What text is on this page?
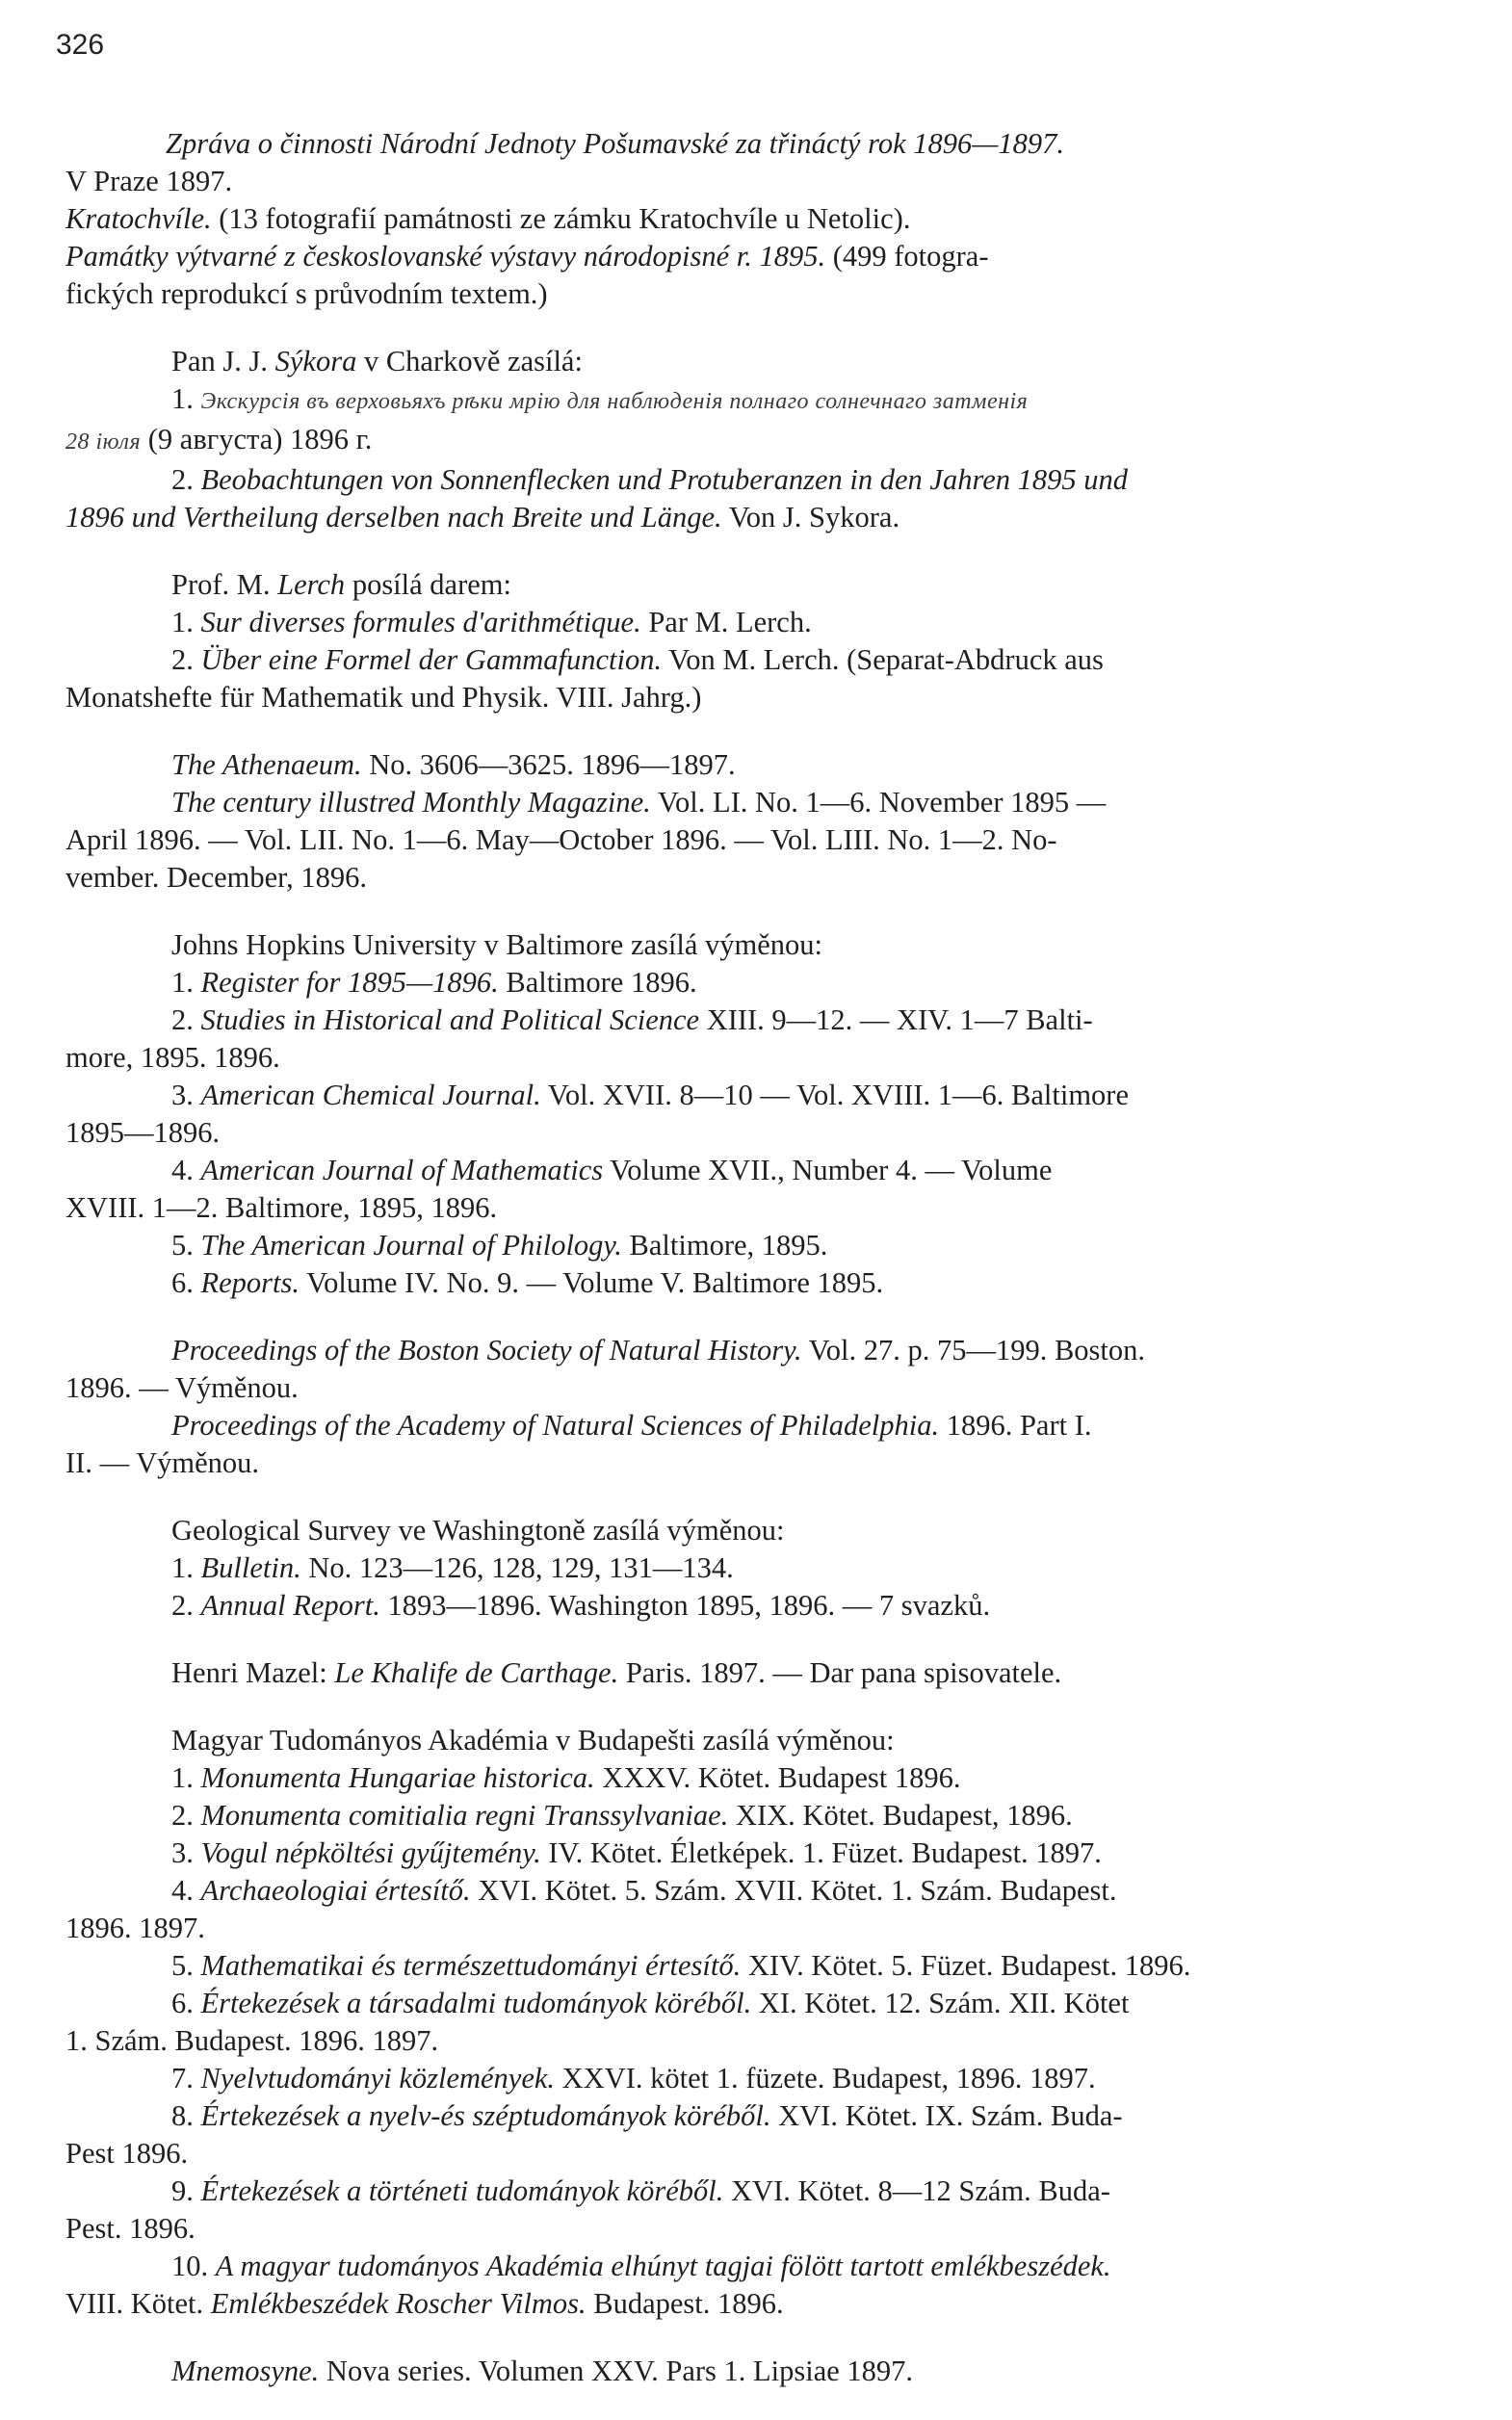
326
Zpráva o činnosti Národní Jednoty Pošumavské za třináctý rok 1896—1897.
V Praze 1897.
Kratochvíle. (13 fotografií památnosti ze zámku Kratochvíle u Netolic).
Památky výtvarné z českoslovanské výstavy národopisné r. 1895. (499 fotogra-
fických reprodukcí s průvodním textem.)
Pan J. J. Sýkora v Charkově zasílá:
1. Экскурсiя въ верховьяхъ рѣки мрiю для наблюденiя полнаго солнечнаго затменiя
28 iюля (9 августа) 1896 г.
2. Beobachtungen von Sonnenflecken und Protuberanzen in den Jahren 1895 und
1896 und Vertheilung derselben nach Breite und Länge. Von J. Sykora.
Prof. M. Lerch posílá darem:
1. Sur diverses formules d'arithmétique. Par M. Lerch.
2. Über eine Formel der Gammafunction. Von M. Lerch. (Separat-Abdruck aus
Monatshefte für Mathematik und Physik. VIII. Jahrg.)
The Athenaeum. No. 3606—3625. 1896—1897.
The century illustred Monthly Magazine. Vol. LI. No. 1—6. November 1895 —
April 1896. — Vol. LII. No. 1—6. May—October 1896. — Vol. LIII. No. 1—2. No-
vember. December, 1896.
Johns Hopkins University v Baltimore zasílá výměnou:
1. Register for 1895—1896. Baltimore 1896.
2. Studies in Historical and Political Science XIII. 9—12. — XIV. 1—7 Balti-
more, 1895. 1896.
3. American Chemical Journal. Vol. XVII. 8—10 — Vol. XVIII. 1—6. Baltimore
1895—1896.
4. American Journal of Mathematics Volume XVII., Number 4. — Volume
XVIII. 1—2. Baltimore, 1895, 1896.
5. The American Journal of Philology. Baltimore, 1895.
6. Reports. Volume IV. No. 9. — Volume V. Baltimore 1895.
Proceedings of the Boston Society of Natural History. Vol. 27. p. 75—199. Boston.
1896. — Výměnou.
Proceedings of the Academy of Natural Sciences of Philadelphia. 1896. Part I.
II. — Výměnou.
Geological Survey ve Washingtoně zasílá výměnou:
1. Bulletin. No. 123—126, 128, 129, 131—134.
2. Annual Report. 1893—1896. Washington 1895, 1896. — 7 svazků.
Henri Mazel: Le Khalife de Carthage. Paris. 1897. — Dar pana spisovatele.
Magyar Tudományos Akadémia v Budapešti zasílá výměnou:
1. Monumenta Hungariae historica. XXXV. Kötet. Budapest 1896.
2. Monumenta comitialia regni Transsylvaniae. XIX. Kötet. Budapest, 1896.
3. Vogul népköltési gyűjtemény. IV. Kötet. Életképek. 1. Füzet. Budapest. 1897.
4. Archaeologiai értesítő. XVI. Kötet. 5. Szám. XVII. Kötet. 1. Szám. Budapest.
1896. 1897.
5. Mathematikai és természettudományi értesítő. XIV. Kötet. 5. Füzet. Budapest. 1896.
6. Értekezések a társadalmi tudományok köréből. XI. Kötet. 12. Szám. XII. Kötet
1. Szám. Budapest. 1896. 1897.
7. Nyelvtudományi közlemények. XXVI. kötet 1. füzete. Budapest, 1896. 1897.
8. Értekezések a nyelv-és széptudományok köréből. XVI. Kötet. IX. Szám. Buda-
Pest 1896.
9. Értekezések a történeti tudományok köréből. XVI. Kötet. 8—12 Szám. Buda-
Pest. 1896.
10. A magyar tudományos Akadémia elhúnyt tagjai fölött tartott emlékbeszédek.
VIII. Kötet. Emlékbeszédek Roscher Vilmos. Budapest. 1896.
Mnemosyne. Nova series. Volumen XXV. Pars 1. Lipsiae 1897.
